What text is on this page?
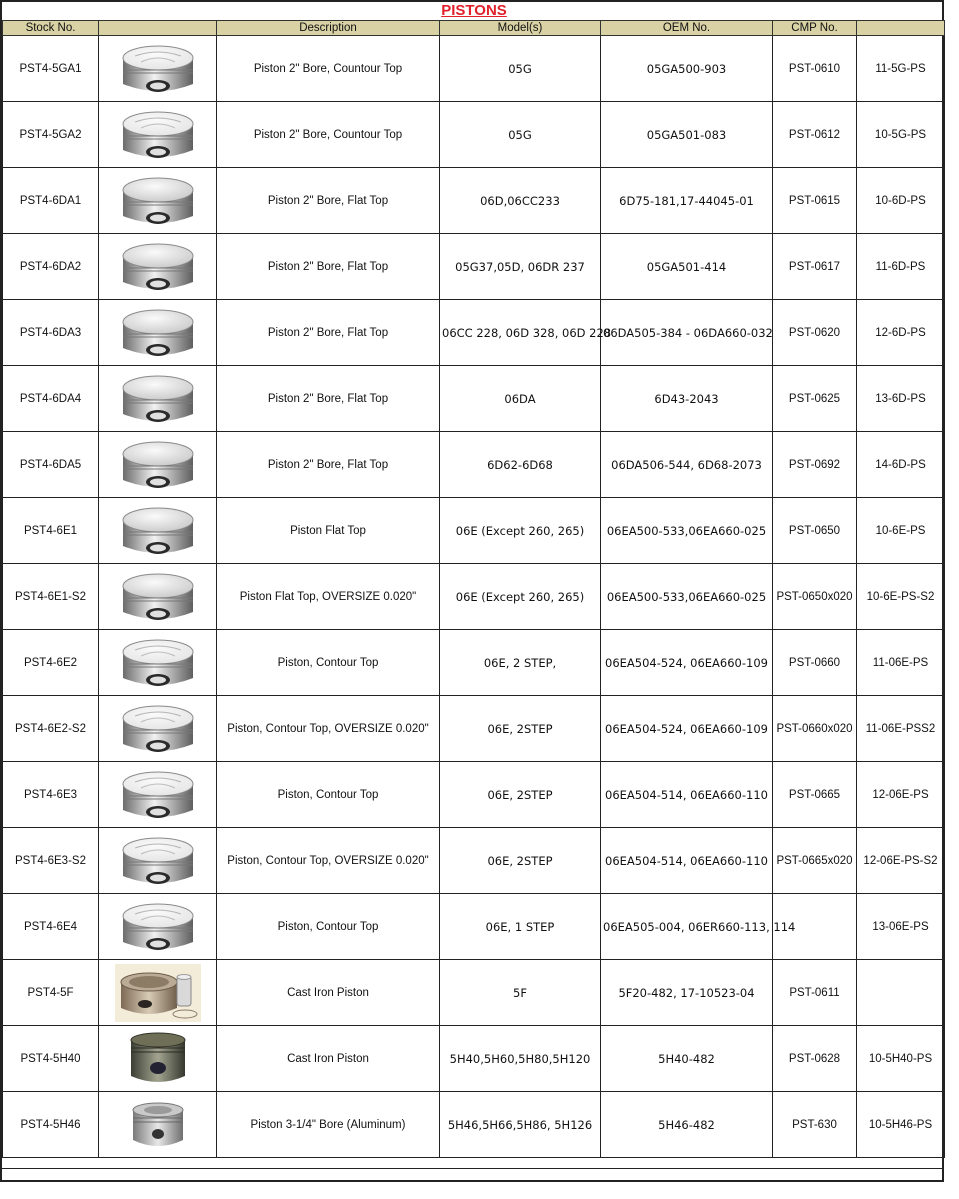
PISTONS
Stock No.		Description	Model(s)	OEM No.	CMP No.	
PST4-5GA1		Piston 2" Bore, Countour Top	05G	05GA500-903	PST-0610	11-5G-PS
PST4-5GA2		Piston 2" Bore, Countour Top	05G	05GA501-083	PST-0612	10-5G-PS
PST4-6DA1		Piston 2" Bore, Flat Top	06D,06CC233	6D75-181,17-44045-01	PST-0615	10-6D-PS
PST4-6DA2		Piston 2" Bore, Flat Top	05G37,05D, 06DR 237	05GA501-414	PST-0617	11-6D-PS
PST4-6DA3		Piston 2" Bore, Flat Top	06CC 228, 06D 328, 06D 228	06DA505-384 - 06DA660-032	PST-0620	12-6D-PS
PST4-6DA4		Piston 2" Bore, Flat Top	06DA	6D43-2043	PST-0625	13-6D-PS
PST4-6DA5		Piston 2" Bore, Flat Top	6D62-6D68	06DA506-544, 6D68-2073	PST-0692	14-6D-PS
PST4-6E1		Piston Flat Top	06E (Except 260, 265)	06EA500-533,06EA660-025	PST-0650	10-6E-PS
PST4-6E1-S2		Piston Flat Top, OVERSIZE 0.020"	06E (Except 260, 265)	06EA500-533,06EA660-025	PST-0650x020	10-6E-PS-S2
PST4-6E2		Piston, Contour Top	06E, 2 STEP,	06EA504-524, 06EA660-109	PST-0660	11-06E-PS
PST4-6E2-S2		Piston, Contour Top, OVERSIZE 0.020"	06E, 2STEP	06EA504-524, 06EA660-109	PST-0660x020	11-06E-PSS2
PST4-6E3		Piston, Contour Top	06E, 2STEP	06EA504-514, 06EA660-110	PST-0665	12-06E-PS
PST4-6E3-S2		Piston, Contour Top, OVERSIZE 0.020"	06E, 2STEP	06EA504-514, 06EA660-110	PST-0665x020	12-06E-PS-S2
PST4-6E4		Piston, Contour Top	06E, 1 STEP	06EA505-004, 06ER660-113, 114		13-06E-PS
PST4-5F		Cast Iron Piston	5F	5F20-482, 17-10523-04	PST-0611	
PST4-5H40		Cast Iron Piston	5H40,5H60,5H80,5H120	5H40-482	PST-0628	10-5H40-PS
PST4-5H46		Piston 3-1/4" Bore (Aluminum)	5H46,5H66,5H86, 5H126	5H46-482	PST-630	10-5H46-PS
